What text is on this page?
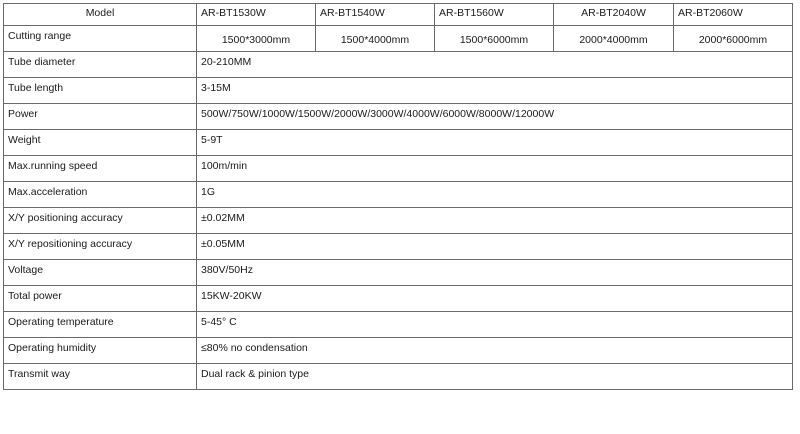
Model	AR-BT1530W	AR-BT1540W	AR-BT1560W	AR-BT2040W	AR-BT2060W
Cutting range	1500*3000mm	1500*4000mm	1500*6000mm	2000*4000mm	2000*6000mm
Tube diameter	20-210MM				
Tube length	3-15M				
Power	500W/750W/1000W/1500W/2000W/3000W/4000W/6000W/8000W/12000W				
Weight	5-9T				
Max.running speed	100m/min				
Max.acceleration	1G				
X/Y positioning accuracy	±0.02MM				
X/Y repositioning accuracy	±0.05MM				
Voltage	380V/50Hz				
Total power	15KW-20KW				
Operating temperature	5-45° C				
Operating humidity	≤80% no condensation				
Transmit way	Dual rack & pinion type				
